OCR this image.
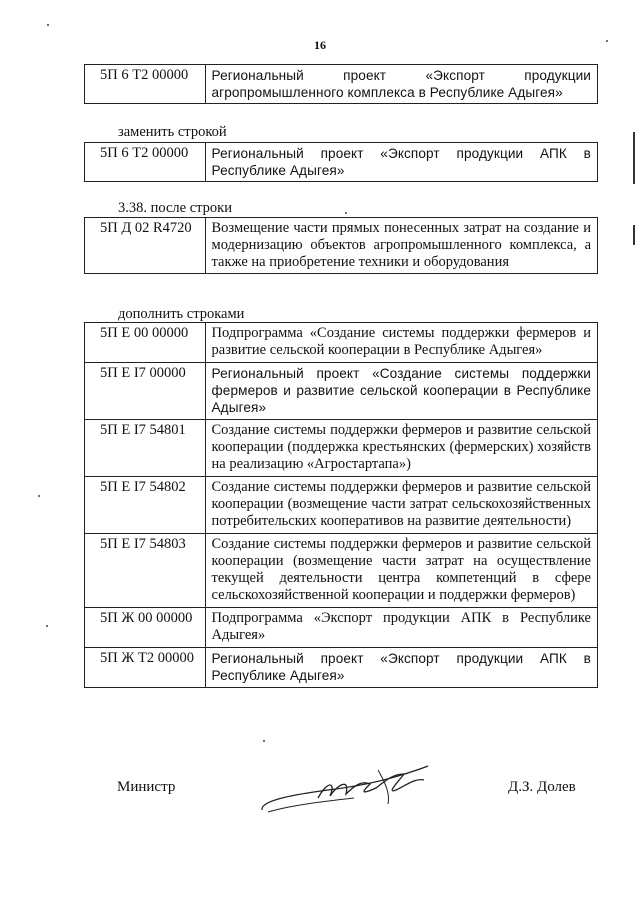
16
5П 6 Т2 00000	Региональный проект «Экспорт продукции агропромышленного комплекса в Республике Адыгея»
заменить строкой
5П 6 Т2 00000	Региональный проект «Экспорт продукции АПК в Республике Адыгея»
3.38. после строки
5П Д 02 R4720	Возмещение части прямых понесенных затрат на создание и модернизацию объектов агропромышленного комплекса, а также на приобретение техники и оборудования
дополнить строками
5П Е 00 00000	Подпрограмма «Создание системы поддержки фермеров и развитие сельской кооперации в Республике Адыгея»
5П Е I7 00000	Региональный проект «Создание системы поддержки фермеров и развитие сельской кооперации в Республике Адыгея»
5П Е I7 54801	Создание системы поддержки фермеров и развитие сельской кооперации (поддержка крестьянских (фермерских) хозяйств на реализацию «Агростартапа»)
5П Е I7 54802	Создание системы поддержки фермеров и развитие сельской кооперации (возмещение части затрат сельскохозяйственных потребительских кооперативов на развитие деятельности)
5П Е I7 54803	Создание системы поддержки фермеров и развитие сельской кооперации (возмещение части затрат на осуществление текущей деятельности центра компетенций в сфере сельскохозяйственной кооперации и поддержки фермеров)
5П Ж 00 00000	Подпрограмма «Экспорт продукции АПК в Республике Адыгея»
5П Ж Т2 00000	Региональный проект «Экспорт продукции АПК в Республике Адыгея»
Министр	Д.З. Долев
